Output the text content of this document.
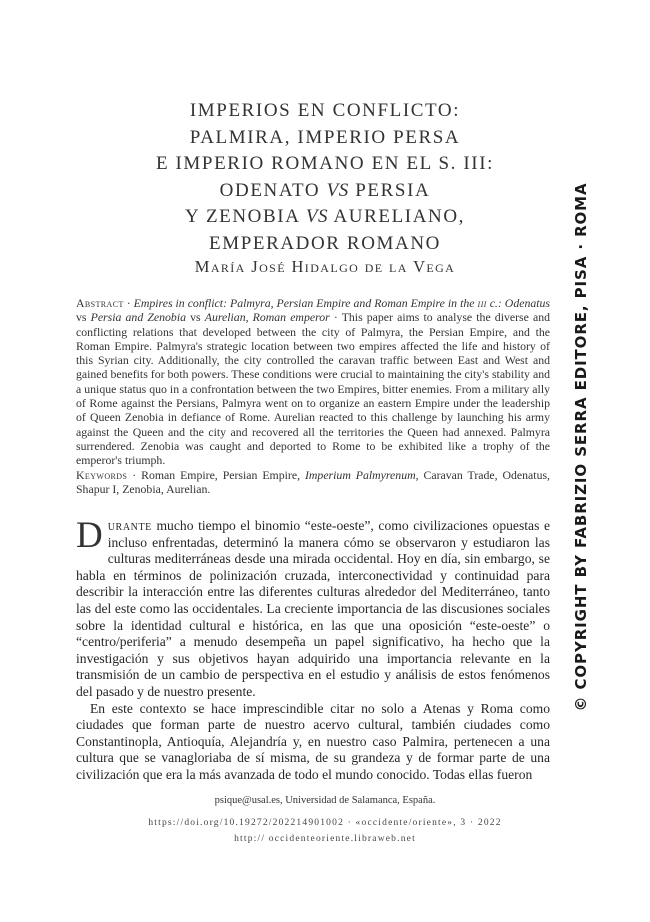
IMPERIOS EN CONFLICTO:
PALMIRA, IMPERIO PERSA
E IMPERIO ROMANO EN EL S. III:
ODENATO VS PERSIA
Y ZENOBIA VS AURELIANO,
EMPERADOR ROMANO
María José Hidalgo de la Vega

Abstract · Empires in conflict: Palmyra, Persian Empire and Roman Empire in the iii c.: Odenatus vs Persia and Zenobia vs Aurelian, Roman emperor · This paper aims to analyse the diverse and conflicting relations that developed between the city of Palmyra, the Persian Empire, and the Roman Empire. Palmyra's strategic location between two empires affected the life and history of this Syrian city. Additionally, the city controlled the caravan traffic between East and West and gained benefits for both powers. These conditions were crucial to maintaining the city's stability and a unique status quo in a confrontation between the two Empires, bitter enemies. From a military ally of Rome against the Persians, Palmyra went on to organize an eastern Empire under the leadership of Queen Zenobia in defiance of Rome. Aurelian reacted to this challenge by launching his army against the Queen and the city and recovered all the territories the Queen had annexed. Palmyra surrendered. Zenobia was caught and deported to Rome to be exhibited like a trophy of the emperor's triumph.

Keywords · Roman Empire, Persian Empire, Imperium Palmyrenum, Caravan Trade, Odenatus, Shapur I, Zenobia, Aurelian.

Durante mucho tiempo el binomio “este-oeste”, como civilizaciones opuestas e incluso enfrentadas, determinó la manera cómo se observaron y estudiaron las culturas mediterráneas desde una mirada occidental. Hoy en día, sin embargo, se habla en términos de polinización cruzada, interconectividad y continuidad para describir la interacción entre las diferentes culturas alrededor del Mediterráneo, tanto las del este como las occidentales. La creciente importancia de las discusiones sociales sobre la identidad cultural e histórica, en las que una oposición “este-oeste” o “centro/periferia” a menudo desempeña un papel significativo, ha hecho que la investigación y sus objetivos hayan adquirido una importancia relevante en la transmisión de un cambio de perspectiva en el estudio y análisis de estos fenómenos del pasado y de nuestro presente.

En este contexto se hace imprescindible citar no solo a Atenas y Roma como ciudades que forman parte de nuestro acervo cultural, también ciudades como Constantinopla, Antioquía, Alejandría y, en nuestro caso Palmira, pertenecen a una cultura que se vanagloriaba de sí misma, de su grandeza y de formar parte de una civilización que era la más avanzada de todo el mundo conocido. Todas ellas fueron

psique@usal.es, Universidad de Salamanca, España.
https://doi.org/10.19272/202214901002 · «occidente/oriente», 3 · 2022
http:// occidenteoriente.libraweb.net
© COPYRIGHT BY FABRIZIO SERRA EDITORE, PISA · ROMA
